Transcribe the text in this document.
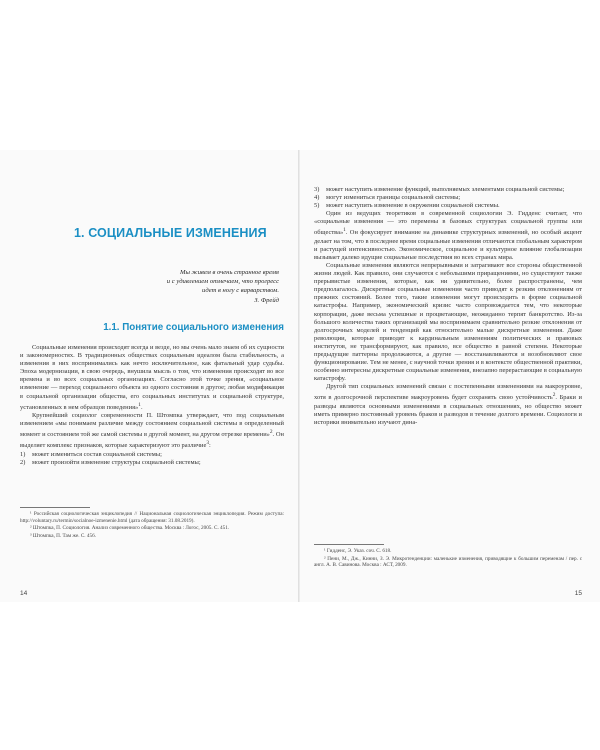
1. СОЦИАЛЬНЫЕ ИЗМЕНЕНИЯ
Мы живем в очень странное время
и с удивлением отмечаем, что прогресс
идет в ногу с варварством.
З. Фрейд
1.1. Понятие социального изменения

Социальные изменения происходят всегда и везде, но мы очень мало знаем об их сущности и закономерностях. В традиционных обществах социальным идеалом была стабильность, а изменения в них воспринимались как нечто исключительное, как фатальный удар судьбы. Эпоха модернизации, в свою очередь, внушила мысль о том, что изменения происходят во все времена и во всех социальных организациях. Согласно этой точке зрения, «социальное изменение — переход социального объекта из одного состояния в другое; любая модификация в социальной организации общества, его социальных институтах и социальной структуре, установленных в нем образцов поведения»$^1$.

Крупнейший социолог современности П. Штомпка утверждает, что под социальным изменением «мы понимаем различие между состоянием социальной системы в определенный момент и состоянием той же самой системы в другой момент, на другом отрезке времени»$^2$. Он выделяет комплекс признаков, которые характеризуют это различие$^3$:

1)	может измениться состав социальной системы;
2)	может произойти изменение структуры социальной системы;

¹ Российская социологическая энциклопедия // Национальная социологическая энциклопедия. Режим доступа: http://voluntary.ru/termin/socialnoe-izmenenie.html (дата обращения: 31.08.2019).

² Штомпка, П. Социология. Анализ современного общества. Москва : Логос, 2005. С. 451.

³ Штомпка, П. Там же. С. 456.

14
3)	может наступить изменение функций, выполняемых элементами социальной системы;
4)	могут измениться границы социальной системы;
5)	может наступить изменение в окружении социальной системы.

Один из ведущих теоретиков в современной социологии Э. Гидденс считает, что «социальные изменения — это перемены в базовых структурах социальной группы или общества»$^1$. Он фокусирует внимание на динамике структурных изменений, но особый акцент делает на том, что в последнее время социальные изменения отличаются глобальным характером и растущей интенсивностью. Экономическое, социальное и культурное влияние глобализации вызывает далеко идущие социальные последствия во всех странах мира.

Социальные изменения являются непрерывными и затрагивают все стороны общественной жизни людей. Как правило, они случаются с небольшими приращениями, но существуют также прерывистые изменения, которые, как ни удивительно, более распространены, чем предполагалось. Дискретные социальные изменения часто приводят к резким отклонениям от прежних состояний. Более того, такие изменения могут происходить в форме социальной катастрофы. Например, экономический кризис часто сопровождается тем, что некоторые корпорации, даже весьма успешные и процветающие, неожиданно терпят банкротство. Из-за большого количества таких организаций мы воспринимаем сравнительно резкие отклонения от долгосрочных моделей и тенденций как относительно малые дискретные изменения. Даже революции, которые приводят к кардинальным изменениям политических и правовых институтов, не трансформируют, как правило, все общество в равной степени. Некоторые предыдущие паттерны продолжаются, а другие — восстанавливаются и возобновляют свое функционирование. Тем не менее, с научной точки зрения и в контексте общественной практики, особенно интересны дискретные социальные изменения, внезапно перерастающие в социальную катастрофу.

Другой тип социальных изменений связан с постепенными изменениями на макроуровне, хотя в долгосрочной перспективе макроуровень будет сохранять свою устойчивость$^2$. Браки и разводы являются основными изменениями в социальных отношениях, но общество может иметь примерно постоянный уровень браков и разводов в течение долгого времени. Социологи и историки внимательно изучают дина-

¹ Гидденс, Э. Указ. соч. С. 618.

² Пени, М., Дж., Кинни, З. Э. Микротенденции: маленькие изменения, приводящие к большим переменам / пер. с англ. А. В. Савинова. Москва : АСТ, 2009.

15
